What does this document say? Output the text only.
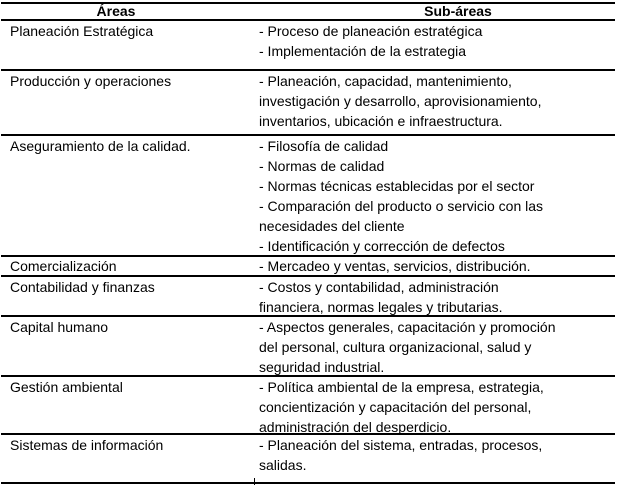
Áreas	Sub-áreas
Planeación Estratégica	- Proceso de planeación estratégica
- Implementación de la estrategia
Producción y operaciones	- Planeación, capacidad, mantenimiento,
investigación y desarrollo, aprovisionamiento,
inventarios, ubicación e infraestructura.
Aseguramiento de la calidad.	- Filosofía de calidad
- Normas de calidad
- Normas técnicas establecidas por el sector
- Comparación del producto o servicio con las
necesidades del cliente
- Identificación y corrección de defectos
Comercialización	- Mercadeo y ventas, servicios, distribución.
Contabilidad y finanzas	- Costos y contabilidad, administración
financiera, normas legales y tributarias.
Capital humano	- Aspectos generales, capacitación y promoción
del personal, cultura organizacional, salud y
seguridad industrial.
Gestión ambiental	- Política ambiental de la empresa, estrategia,
concientización y capacitación del personal,
administración del desperdicio.
Sistemas de información	- Planeación del sistema, entradas, procesos,
salidas.
